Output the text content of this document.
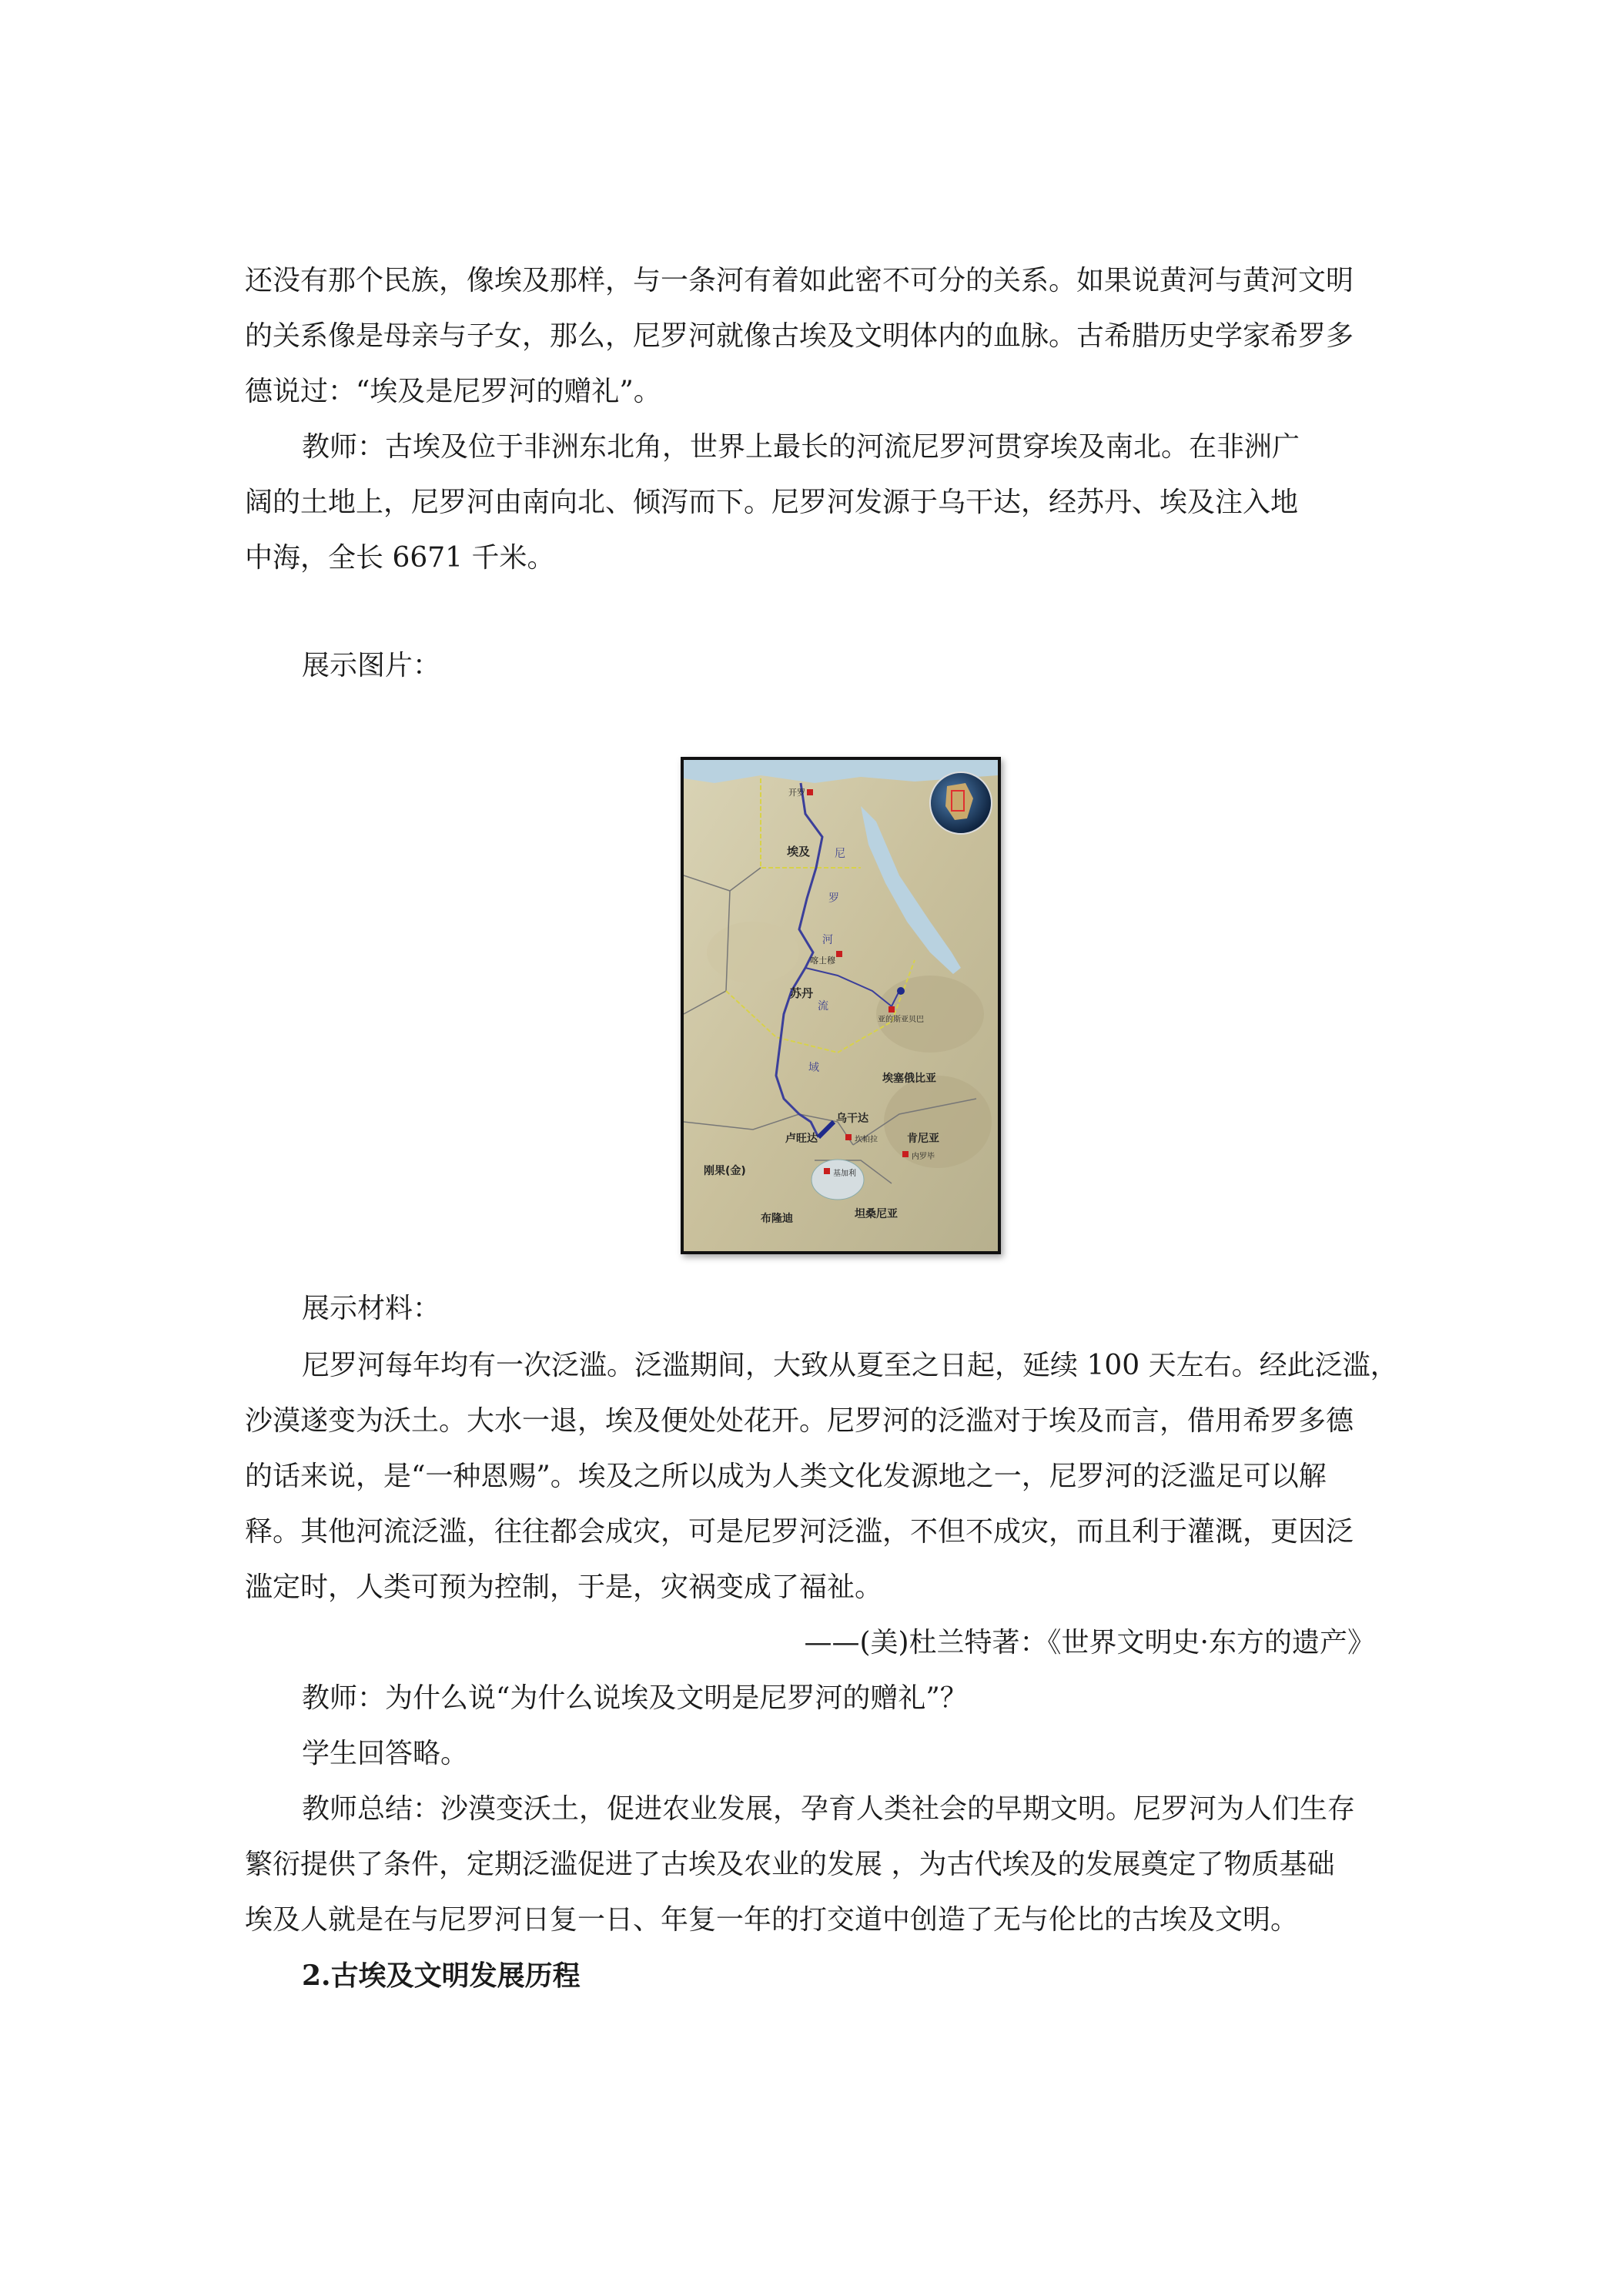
还没有那个民族，像埃及那样，与一条河有着如此密不可分的关系。如果说黄河与黄河文明
的关系像是母亲与子女，那么，尼罗河就像古埃及文明体内的血脉。古希腊历史学家希罗多
德说过：“埃及是尼罗河的赠礼”。
教师：古埃及位于非洲东北角，世界上最长的河流尼罗河贯穿埃及南北。在非洲广
阔的土地上，尼罗河由南向北、倾泻而下。尼罗河发源于乌干达，经苏丹、埃及注入地
中海，全长 6671 千米。
展示图片：
埃及
苏丹
埃塞俄比亚
肯尼亚
卢旺达
刚果(金)
布隆迪	坦桑尼亚
乌干达
开罗
喀士穆
亚的斯亚贝巴
坎帕拉
内罗毕
基加利
尼
罗
河
流
域
展示材料：
尼罗河每年均有一次泛滥。泛滥期间，大致从夏至之日起，延续 100 天左右。经此泛滥，
沙漠遂变为沃土。大水一退，埃及便处处花开。尼罗河的泛滥对于埃及而言，借用希罗多德
的话来说，是“一种恩赐”。埃及之所以成为人类文化发源地之一，尼罗河的泛滥足可以解
释。其他河流泛滥，往往都会成灾，可是尼罗河泛滥，不但不成灾，而且利于灌溉，更因泛
滥定时，人类可预为控制，于是，灾祸变成了福祉。
——(美)杜兰特著：《世界文明史·东方的遗产》
教师：为什么说“为什么说埃及文明是尼罗河的赠礼”？
学生回答略。
教师总结：沙漠变沃土，促进农业发展，孕育人类社会的早期文明。尼罗河为人们生存
繁衍提供了条件，定期泛滥促进了古埃及农业的发展 ，为古代埃及的发展奠定了物质基础
埃及人就是在与尼罗河日复一日、年复一年的打交道中创造了无与伦比的古埃及文明。
2.古埃及文明发展历程
